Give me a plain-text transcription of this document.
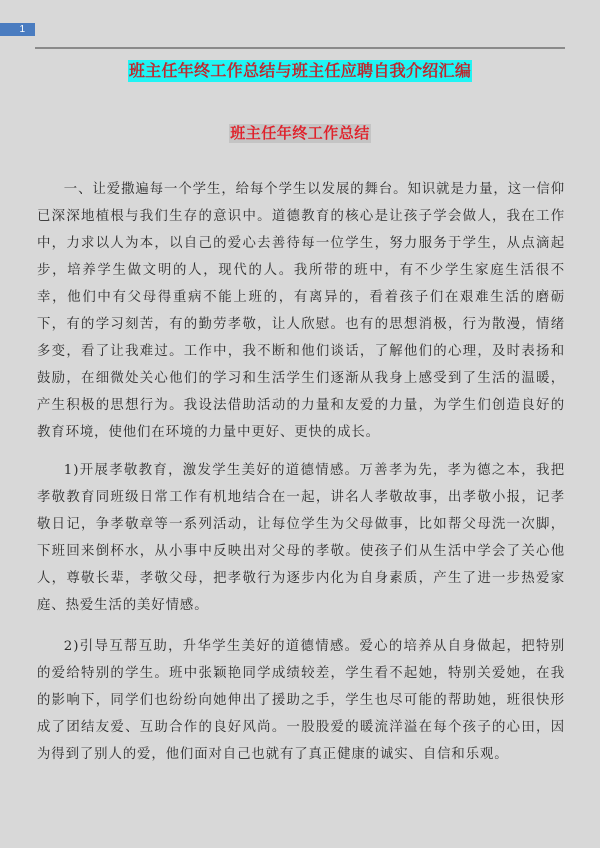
1
班主任年终工作总结与班主任应聘自我介绍汇编
班主任年终工作总结

一、让爱撒遍每一个学生，给每个学生以发展的舞台。知识就是力量，这一信仰已深深地植根与我们生存的意识中。道德教育的核心是让孩子学会做人，我在工作中，力求以人为本，以自己的爱心去善待每一位学生，努力服务于学生，从点滴起步，培养学生做文明的人，现代的人。我所带的班中，有不少学生家庭生活很不幸，他们中有父母得重病不能上班的，有离异的，看着孩子们在艰难生活的磨砺下，有的学习刻苦，有的勤劳孝敬，让人欣慰。也有的思想消极，行为散漫，情绪多变，看了让我难过。工作中，我不断和他们谈话，了解他们的心理，及时表扬和鼓励，在细微处关心他们的学习和生活学生们逐渐从我身上感受到了生活的温暖，产生积极的思想行为。我设法借助活动的力量和友爱的力量，为学生们创造良好的教育环境，使他们在环境的力量中更好、更快的成长。

1)开展孝敬教育，激发学生美好的道德情感。万善孝为先，孝为德之本，我把孝敬教育同班级日常工作有机地结合在一起，讲名人孝敬故事，出孝敬小报，记孝敬日记，争孝敬章等一系列活动，让每位学生为父母做事，比如帮父母洗一次脚，下班回来倒杯水，从小事中反映出对父母的孝敬。使孩子们从生活中学会了关心他人，尊敬长辈，孝敬父母，把孝敬行为逐步内化为自身素质，产生了进一步热爱家庭、热爱生活的美好情感。

2)引导互帮互助，升华学生美好的道德情感。爱心的培养从自身做起，把特别的爱给特别的学生。班中张颖艳同学成绩较差，学生看不起她，特别关爱她，在我的影响下，同学们也纷纷向她伸出了援助之手，学生也尽可能的帮助她，班很快形成了团结友爱、互助合作的良好风尚。一股股爱的暖流洋溢在每个孩子的心田，因为得到了别人的爱，他们面对自己也就有了真正健康的诚实、自信和乐观。
